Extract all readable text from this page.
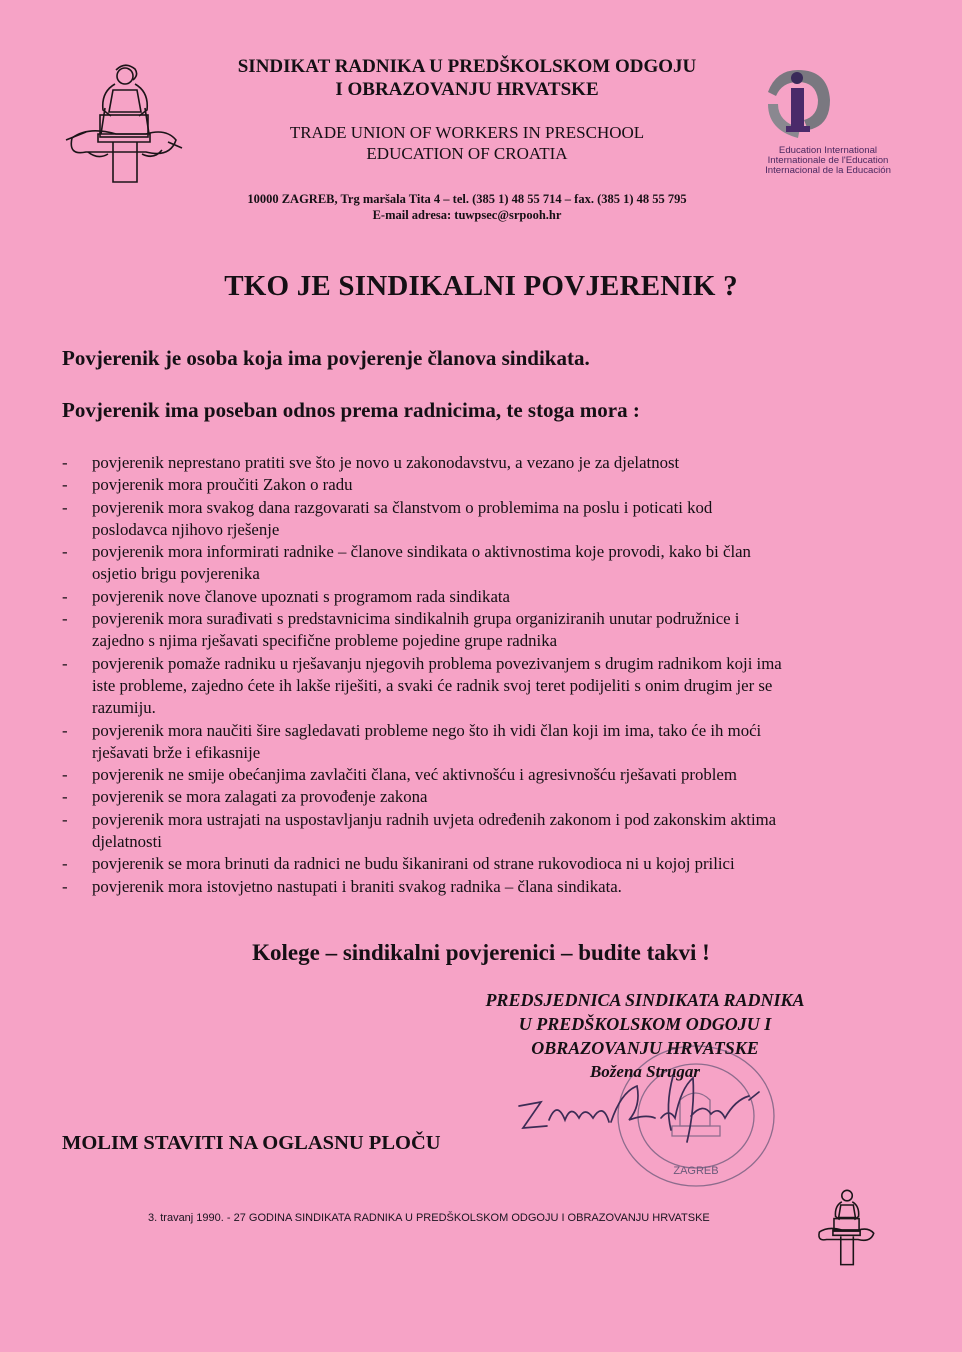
SINDIKAT RADNIKA U PREDŠKOLSKOM ODGOJU
I OBRAZOVANJU HRVATSKE
TRADE UNION OF WORKERS IN PRESCHOOL
EDUCATION OF CROATIA
10000 ZAGREB, Trg maršala Tita 4 – tel. (385 1) 48 55 714 – fax. (385 1) 48 55 795
E-mail adresa: tuwpsec@srpooh.hr
Education International
Internationale de l'Education
Internacional de la Educación
TKO JE SINDIKALNI POVJERENIK ?
Povjerenik je osoba koja ima povjerenje članova sindikata.
Povjerenik ima poseban odnos prema radnicima, te stoga mora :
- povjerenik neprestano pratiti sve što je novo u zakonodavstvu, a vezano je za djelatnost
- povjerenik mora proučiti Zakon o radu
- povjerenik mora svakog dana razgovarati sa članstvom o problemima na poslu i poticati kod
poslodavca njihovo rješenje
- povjerenik mora informirati radnike – članove sindikata o aktivnostima koje provodi, kako bi član
osjetio brigu povjerenika
- povjerenik nove članove upoznati s programom rada sindikata
- povjerenik mora surađivati s predstavnicima sindikalnih grupa organiziranih unutar podružnice i
zajedno s njima rješavati specifične probleme pojedine grupe radnika
- povjerenik pomaže radniku u rješavanju njegovih problema povezivanjem s drugim radnikom koji ima
iste probleme, zajedno ćete ih lakše riješiti, a svaki će radnik svoj teret podijeliti s onim drugim jer se
razumiju.
- povjerenik mora naučiti šire sagledavati probleme nego što ih vidi član koji im ima, tako će ih moći
rješavati brže i efikasnije
- povjerenik ne smije obećanjima zavlačiti člana, već aktivnošću i agresivnošću rješavati problem
- povjerenik se mora zalagati za provođenje zakona
- povjerenik mora ustrajati na uspostavljanju radnih uvjeta određenih zakonom i pod zakonskim aktima
djelatnosti
- povjerenik se mora brinuti da radnici ne budu šikanirani od strane rukovodioca ni u kojoj prilici
- povjerenik mora istovjetno nastupati i braniti svakog radnika – člana sindikata.
Kolege – sindikalni povjerenici – budite takvi !
ZAGREB
PREDSJEDNICA SINDIKATA RADNIKA
U PREDŠKOLSKOM ODGOJU I
OBRAZOVANJU HRVATSKE
Božena Strugar
MOLIM STAVITI NA OGLASNU PLOČU
3. travanj 1990. - 27 GODINA SINDIKATA RADNIKA U PREDŠKOLSKOM ODGOJU I OBRAZOVANJU HRVATSKE
